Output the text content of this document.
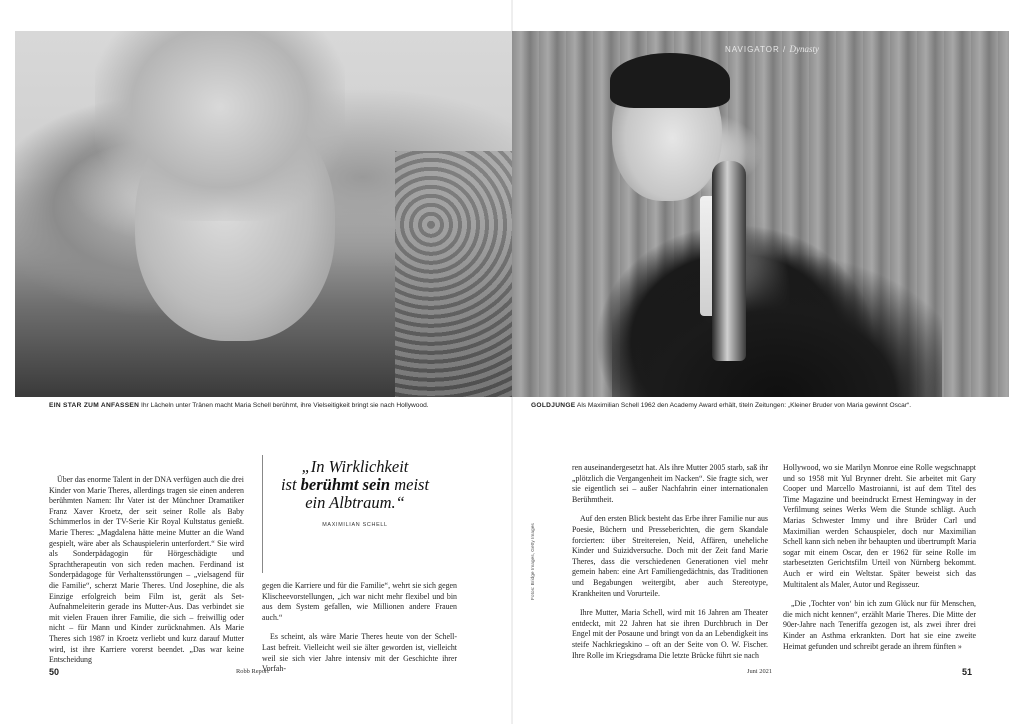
NAVIGATOR / Dynasty
EIN STAR ZUM ANFASSEN Ihr Lächeln unter Tränen macht Maria Schell berühmt, ihre Vielseitigkeit bringt sie nach Hollywood.	GOLDJUNGE Als Maximilian Schell 1962 den Academy Award erhält, titeln Zeitungen: „Kleiner Bruder von Maria gewinnt Oscar“.

Über das enorme Talent in der DNA verfügen auch die drei Kinder von Marie Theres, allerdings tragen sie einen anderen berühmten Namen: Ihr Vater ist der Münchner Dramatiker Franz Xaver Kroetz, der seit seiner Rolle als Baby Schimmerlos in der TV-Serie Kir Royal Kultstatus genießt. Marie Theres: „Magdalena hätte meine Mutter an die Wand gespielt, wäre aber als Schauspielerin unterfordert.“ Sie wird als Sonderpädagogin für Hörgeschädigte und Sprachtherapeutin von sich reden machen. Ferdinand ist Sonderpädagoge für Verhaltensstörungen – „vielsagend für die Familie“, scherzt Marie Theres. Und Josephine, die als Einzige erfolgreich beim Film ist, gerät als Set-Aufnahmeleiterin gerade ins Mutter-Aus. Das verbindet sie mit vielen Frauen ihrer Familie, die sich – freiwillig oder nicht – für Mann und Kinder zurücknahmen. Als Marie Theres sich 1987 in Kroetz verliebt und kurz darauf Mutter wird, ist ihre Karriere vorerst beendet. „Das war keine Entscheidung

„In Wirklichkeit
ist berühmt sein meist
ein Albtraum.“
MAXIMILIAN SCHELL

gegen die Karriere und für die Familie“, wehrt sie sich gegen Klischeevorstellungen, „ich war nicht mehr flexibel und bin aus dem System gefallen, wie Millionen andere Frauen auch.“

Es scheint, als wäre Marie Theres heute von der Schell-Last befreit. Vielleicht weil sie älter geworden ist, vielleicht weil sie sich vier Jahre intensiv mit der Geschichte ihrer Vorfah-

Fotos: Bridge Images, Getty Images

ren auseinandergesetzt hat. Als ihre Mutter 2005 starb, saß ihr „plötzlich die Vergangenheit im Nacken“. Sie fragte sich, wer sie eigentlich sei – außer Nachfahrin einer internationalen Berühmtheit.

Auf den ersten Blick besteht das Erbe ihrer Familie nur aus Poesie, Büchern und Presseberichten, die gern Skandale forcierten: über Streitereien, Neid, Affären, uneheliche Kinder und Suizidversuche. Doch mit der Zeit fand Marie Theres, dass die verschiedenen Generationen viel mehr gemein haben: eine Art Familiengedächtnis, das Traditionen und Begabungen weitergibt, aber auch Stereotype, Krankheiten und Vorurteile.

Ihre Mutter, Maria Schell, wird mit 16 Jahren am Theater entdeckt, mit 22 Jahren hat sie ihren Durchbruch in Der Engel mit der Posaune und bringt von da an Lebendigkeit ins steife Nachkriegskino – oft an der Seite von O. W. Fischer. Ihre Rolle im Kriegsdrama Die letzte Brücke führt sie nach

Hollywood, wo sie Marilyn Monroe eine Rolle wegschnappt und so 1958 mit Yul Brynner dreht. Sie arbeitet mit Gary Cooper und Marcello Mastroianni, ist auf dem Titel des Time Magazine und beeindruckt Ernest Hemingway in der Verfilmung seines Werks Wem die Stunde schlägt. Auch Marias Schwester Immy und ihre Brüder Carl und Maximilian werden Schauspieler, doch nur Maximilian Schell kann sich neben ihr behaupten und übertrumpft Maria sogar mit einem Oscar, den er 1962 für seine Rolle im starbesetzten Gerichtsfilm Urteil von Nürnberg bekommt. Auch er wird ein Weltstar. Später beweist sich das Multitalent als Maler, Autor und Regisseur.

„Die ‚Tochter von‘ bin ich zum Glück nur für Menschen, die mich nicht kennen“, erzählt Marie Theres. Die Mitte der 90er-Jahre nach Teneriffa gezogen ist, als zwei ihrer drei Kinder an Asthma erkrankten. Dort hat sie eine zweite Heimat gefunden und schreibt gerade an ihrem fünften »

50	Robb Report	Juni 2021	51
